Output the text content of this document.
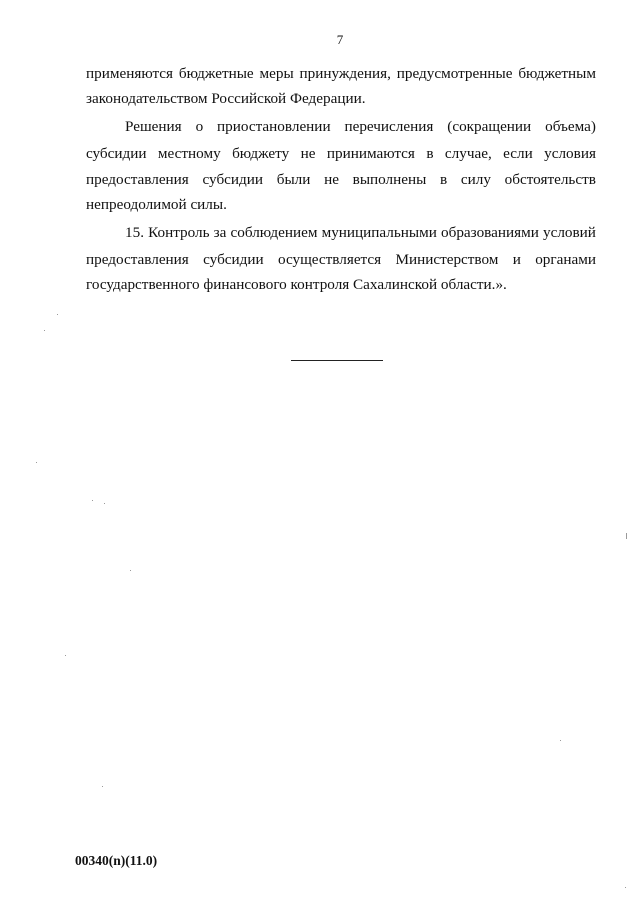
7
применяются бюджетные меры принуждения, предусмотренные бюджетным
законодательством Российской Федерации.
Решения о приостановлении перечисления (сокращении объема)
субсидии местному бюджету не принимаются в случае, если условия
предоставления субсидии были не выполнены в силу обстоятельств
непреодолимой силы.
15. Контроль за соблюдением муниципальными образованиями условий
предоставления субсидии осуществляется Министерством и органами
государственного финансового контроля Сахалинской области.».
00340(n)(11.0)
